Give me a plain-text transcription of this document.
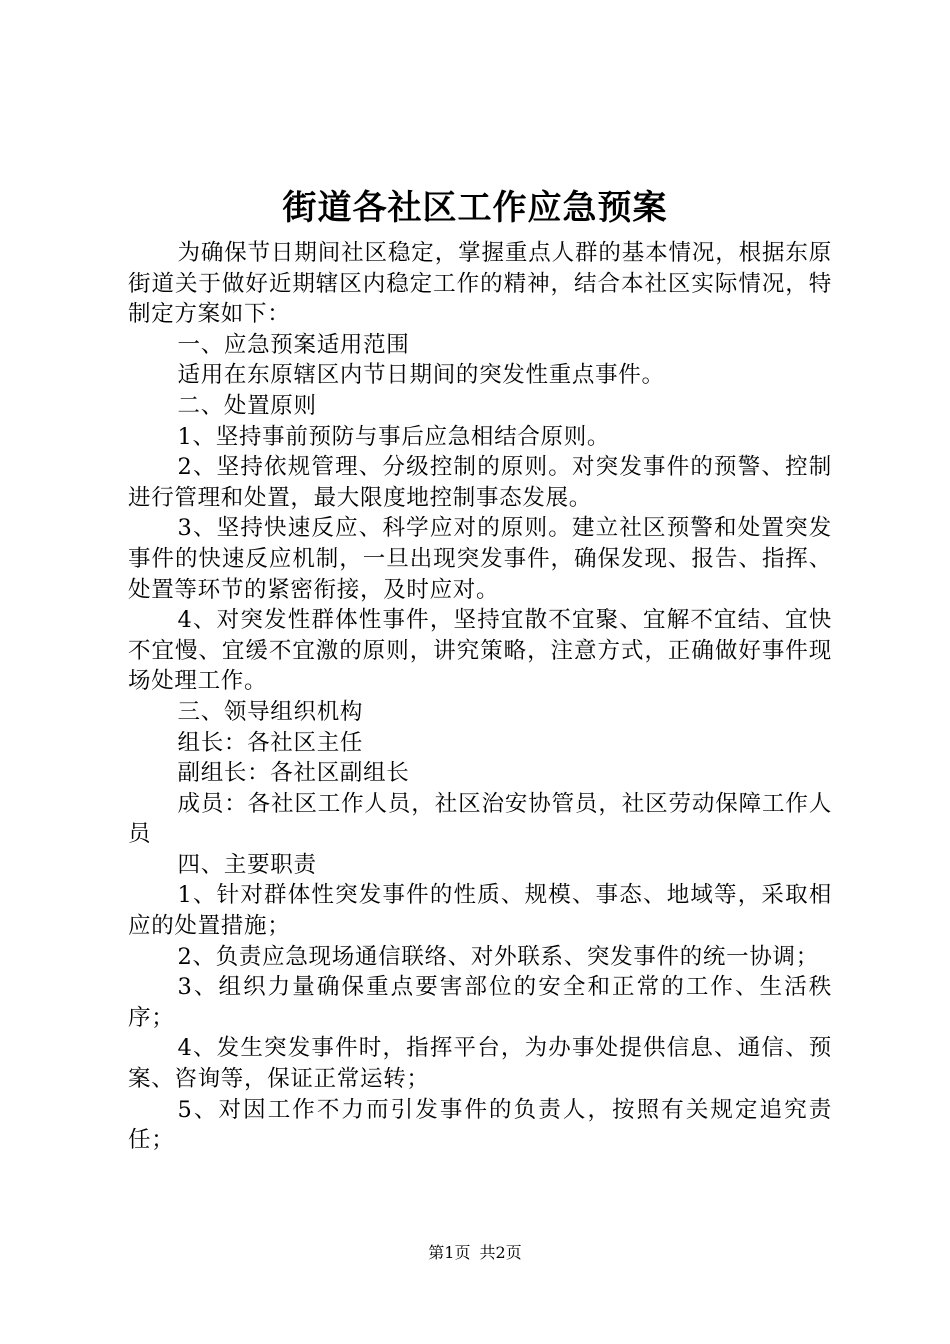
街道各社区工作应急预案

为确保节日期间社区稳定，掌握重点人群的基本情况，根据东原街道关于做好近期辖区内稳定工作的精神，结合本社区实际情况，特制定方案如下：

一、应急预案适用范围

适用在东原辖区内节日期间的突发性重点事件。

二、处置原则

1、坚持事前预防与事后应急相结合原则。

2、坚持依规管理、分级控制的原则。对突发事件的预警、控制进行管理和处置，最大限度地控制事态发展。

3、坚持快速反应、科学应对的原则。建立社区预警和处置突发事件的快速反应机制，一旦出现突发事件，确保发现、报告、指挥、处置等环节的紧密衔接，及时应对。

4、对突发性群体性事件，坚持宜散不宜聚、宜解不宜结、宜快不宜慢、宜缓不宜激的原则，讲究策略，注意方式，正确做好事件现场处理工作。

三、领导组织机构

组长：各社区主任

副组长：各社区副组长

成员：各社区工作人员，社区治安协管员，社区劳动保障工作人员

四、主要职责

1、针对群体性突发事件的性质、规模、事态、地域等，采取相应的处置措施；

2、负责应急现场通信联络、对外联系、突发事件的统一协调；

3、组织力量确保重点要害部位的安全和正常的工作、生活秩序；

4、发生突发事件时，指挥平台，为办事处提供信息、通信、预案、咨询等，保证正常运转；

5、对因工作不力而引发事件的负责人，按照有关规定追究责任；

第1页 共2页
